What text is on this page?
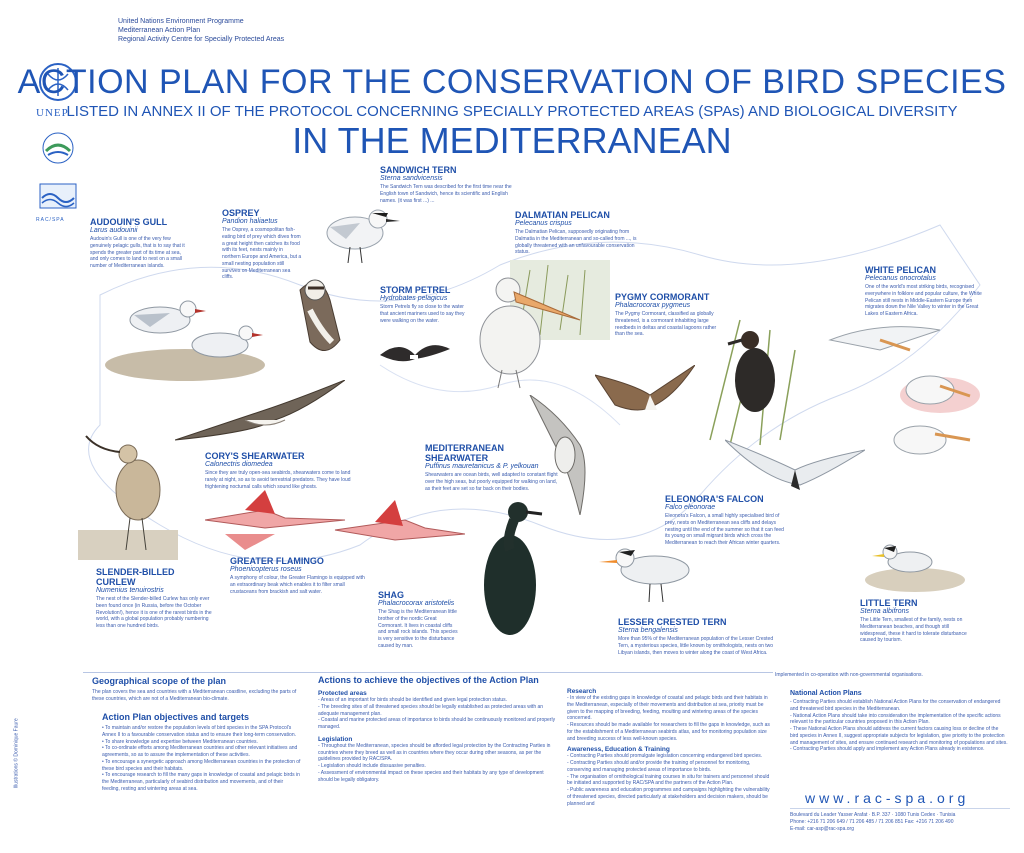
United Nations Environment Programme
Mediterranean Action Plan
Regional Activity Centre for Specially Protected Areas
UNEP

RAC/SPA
Illustrations © Dominique Faure
ACTION PLAN FOR THE CONSERVATION OF BIRD SPECIES
LISTED IN ANNEX II OF THE PROTOCOL CONCERNING SPECIALLY PROTECTED AREAS (SPAs) AND BIOLOGICAL DIVERSITY
IN THE MEDITERRANEAN
SANDWICH TERN
Sterna sandvicensis
The Sandwich Tern was described for the first time near the English town of Sandwich, hence its scientific and English names. (it was first ...) ...
OSPREY
Pandion haliaetus
The Osprey, a cosmopolitan fish-eating bird of prey which dives from a great height then catches its food with its feet, nests mainly in northern Europe and America, but a small nesting population still survives on Mediterranean sea cliffs.
AUDOUIN'S GULL
Larus audouinii
Audouin's Gull is one of the very few genuinely pelagic gulls, that is to say that it spends the greater part of its time at sea, and only comes to land to nest on a small number of Mediterranean islands.
DALMATIAN PELICAN
Pelecanus crispus
The Dalmatian Pelican, supposedly originating from Dalmatia in the Mediterranean and so-called from ..., is globally threatened with an unfavourable conservation status.
WHITE PELICAN
Pelecanus onocrotalus
One of the world's most striking birds, recognised everywhere in folklore and popular culture, the White Pelican still nests in Middle-Eastern Europe then migrates down the Nile Valley to winter in the Great Lakes of Eastern Africa.
STORM PETREL
Hydrobates pelagicus
Storm Petrels fly so close to the water that ancient mariners used to say they were walking on the water.
PYGMY CORMORANT
Phalacrocorax pygmeus
The Pygmy Cormorant, classified as globally threatened, is a cormorant inhabiting large reedbeds in deltas and coastal lagoons rather than the sea.
CORY'S SHEARWATER
Calonectris diomedea
Since they are truly open-sea seabirds, shearwaters come to land rarely at night, so as to avoid terrestrial predators. They have loud frightening nocturnal calls which sound like ghosts.
MEDITERRANEAN SHEARWATER
Puffinus mauretanicus & P. yelkouan
Shearwaters are ocean birds, well adapted to constant flight over the high seas, but poorly equipped for walking on land, as their feet are set so far back on their bodies.
ELEONORA'S FALCON
Falco eleonorae
Eleonora's Falcon, a small highly specialised bird of prey, nests on Mediterranean sea cliffs and delays nesting until the end of the summer so that it can feed its young on small migrant birds which cross the Mediterranean to reach their African winter quarters.
SLENDER-BILLED CURLEW
Numenius tenuirostris
The nest of the Slender-billed Curlew has only ever been found once (in Russia, before the October Revolution!), hence it is one of the rarest birds in the world, with a global population probably numbering less than one hundred birds.
GREATER FLAMINGO
Phoenicopterus roseus
A symphony of colour, the Greater Flamingo is equipped with an extraordinary beak which enables it to filter small crustaceans from brackish and salt water.	SHAG
Phalacrocorax aristotelis
The Shag is the Mediterranean little brother of the nordic Great Cormorant. It lives in coastal cliffs and small rock islands. This species is very sensitive to the disturbance caused by man.
LESSER CRESTED TERN
Sterna bengalensis
More than 95% of the Mediterranean population of the Lesser Crested Tern, a mysterious species, little known by ornithologists, nests on two Libyan islands, then moves to winter along the coast of West Africa.
LITTLE TERN
Sterna albifrons
The Little Tern, smallest of the family, nests on Mediterranean beaches, and though still widespread, these it hard to tolerate disturbance caused by tourism.
Geographical scope of the plan
The plan covers the sea and countries with a Mediterranean coastline, excluding the parts of these countries, which are not of a Mediterranean bio-climate.
Action Plan objectives and targets
• To maintain and/or restore the population levels of bird species in the SPA Protocol's Annex II to a favourable conservation status and to ensure their long-term conservation.
• To share knowledge and expertise between Mediterranean countries.
• To co-ordinate efforts among Mediterranean countries and other relevant initiatives and agreements, so as to assure the implementation of these activities.
• To encourage a synergetic approach among Mediterranean countries in the protection of these bird species and their habitats.
• To encourage research to fill the many gaps in knowledge of coastal and pelagic birds in the Mediterranean, particularly of seabird distribution and movements, and of their feeding, resting and wintering areas at sea.
Actions to achieve the objectives of the Action Plan
Protected areas
- Areas of an important for birds should be identified and given legal protection status.
- The breeding sites of all threatened species should be legally established as protected areas with an adequate management plan.
- Coastal and marine protected areas of importance to birds should be continuously monitored and properly managed.
Legislation
- Throughout the Mediterranean, species should be afforded legal protection by the Contracting Parties in countries where they breed as well as in countries where they occur during other seasons, as per the guidelines provided by RAC/SPA.
- Legislation should include dissuasive penalties.
- Assessment of environmental impact on these species and their habitats by any type of development should be legally obligatory.
Research
- In view of the existing gaps in knowledge of coastal and pelagic birds and their habitats in the Mediterranean, especially of their movements and distribution at sea, priority must be given to the mapping of breeding, feeding, moulting and wintering areas of the species concerned.
- Resources should be made available for researchers to fill the gaps in knowledge, such as for the establishment of a Mediterranean seabirds atlas, and for monitoring population size and breeding success of less well-known species.
Awareness, Education & Training
- Contracting Parties should promulgate legislation concerning endangered bird species.
- Contracting Parties should and/or provide the training of personnel for monitoring, conserving and managing protected areas of importance to birds.
- The organisation of ornithological training courses in situ for trainers and personnel should be initiated and supported by RAC/SPA and the partners of the Action Plan.
- Public awareness and education programmes and campaigns highlighting the vulnerability of threatened species, directed particularly at stakeholders and decision makers, should be planned and
Implemented in co-operation with non-governmental organisations.
National Action Plans
- Contracting Parties should establish National Action Plans for the conservation of endangered and threatened bird species in the Mediterranean.
- National Action Plans should take into consideration the implementation of the specific actions relevant to the particular countries proposed in this Action Plan.
- These National Action Plans should address the current factors causing loss or decline of the bird species in Annex II, suggest appropriate subjects for legislation, give priority to the protection and management of sites, and ensure continued research and monitoring of populations and sites.
- Contracting Parties should apply and implement any Action Plans already in existence.
www.rac-spa.org
Boulevard du Leader Yasser Arafat · B.P. 337 · 1080 Tunis Cedex · Tunisia
Phone: +216 71 206 649 / 71 206 485 / 71 206 851 Fax: +216 71 206 490
E-mail: car-asp@rac-spa.org
